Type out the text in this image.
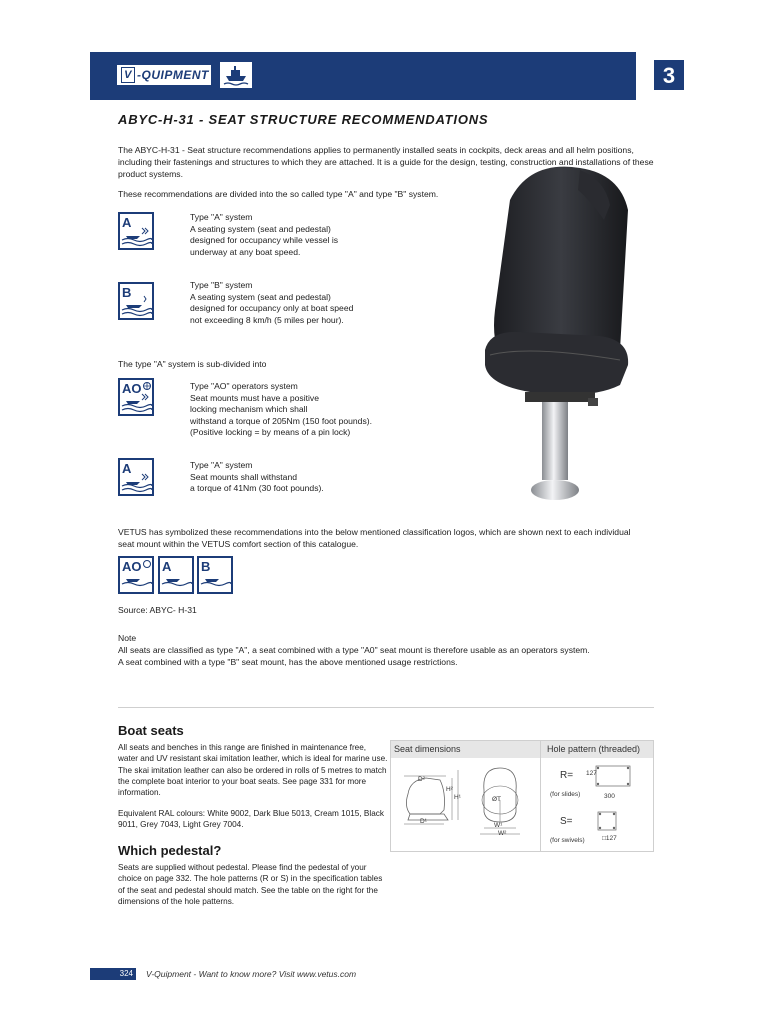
V -QUIPMENT	3
ABYC-H-31 - SEAT STRUCTURE RECOMMENDATIONS
The ABYC-H-31 - Seat structure recommendations applies to permanently installed seats in cockpits, deck areas and all helm positions, including their fastenings and structures to which they are attached. It is a guide for the design, testing, construction and installations of these product systems.
These recommendations are divided into the so called type "A" and type "B" system.
A	Type "A" system
A seating system (seat and pedestal)
designed for occupancy while vessel is
underway at any boat speed.
B	Type "B" system
A seating system (seat and pedestal)
designed for occupancy only at boat speed
not exceeding 8 km/h (5 miles per hour).
The type "A" system is sub-divided into
AO	Type "AO" operators system
Seat mounts must have a positive
locking mechanism which shall
withstand a torque of 205Nm (150 foot pounds).
(Positive locking = by means of a pin lock)
A	Type "A" system
Seat mounts shall withstand
a torque of 41Nm (30 foot pounds).
VETUS has symbolized these recommendations into the below mentioned classification logos, which are shown next to each individual seat mount within the VETUS comfort section of this catalogue.
AO A B
Source: ABYC- H-31
Note
All seats are classified as type "A", a seat combined with a type "A0" seat mount is therefore usable as an operators system.
A seat combined with a type "B" seat mount, has the above mentioned usage restrictions.
Boat seats
All seats and benches in this range are finished in maintenance free, water and UV resistant skai imitation leather, which is ideal for marine use. The skai imitation leather can also be ordered in rolls of 5 metres to match the complete boat interior to your boat seats. See page 331 for more information.
Equivalent RAL colours: White 9002, Dark Blue 5013, Cream 1015, Black 9011, Grey 7043, Light Grey 7004.
Which pedestal?
Seats are supplied without pedestal. Please find the pedestal of your choice on page 332. The hole patterns (R or S) in the specification tables of the seat and pedestal should match. See the table on the right for the dimensions of the hole patterns.
Seat dimensions	Hole pattern (threaded)
D²
D¹
H²
H¹	ØT
W¹
W²
R=
(for slides)
127
300
S=
(for swivels)	□127
324	V-Quipment - Want to know more? Visit www.vetus.com
